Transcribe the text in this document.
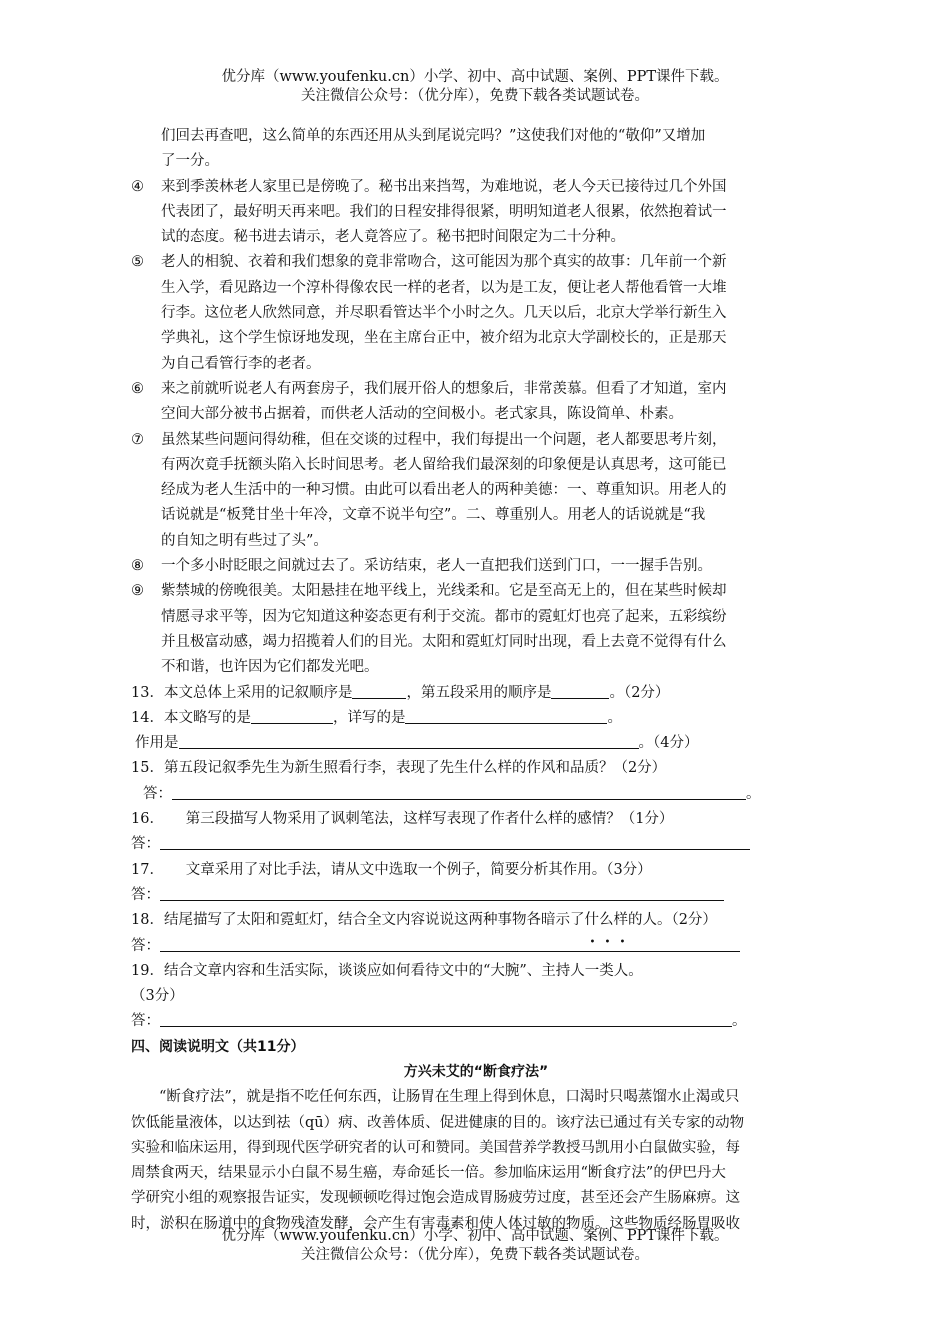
优分库（www.youfenku.cn）小学、初中、高中试题、案例、PPT课件下载。
关注微信公众号：（优分库），免费下载各类试题试卷。
们回去再查吧，这么简单的东西还用从头到尾说完吗？”这使我们对他的“敬仰”又增加
了一分。
④ 来到季羡林老人家里已是傍晚了。秘书出来挡驾，为难地说，老人今天已接待过几个外国
代表团了，最好明天再来吧。我们的日程安排得很紧，明明知道老人很累，依然抱着试一
试的态度。秘书进去请示，老人竟答应了。秘书把时间限定为二十分种。
⑤ 老人的相貌、衣着和我们想象的竟非常吻合，这可能因为那个真实的故事：几年前一个新
生入学，看见路边一个淳朴得像农民一样的老者，以为是工友，便让老人帮他看管一大堆
行李。这位老人欣然同意，并尽职看管达半个小时之久。几天以后，北京大学举行新生入
学典礼，这个学生惊讶地发现，坐在主席台正中，被介绍为北京大学副校长的，正是那天
为自己看管行李的老者。
⑥ 来之前就听说老人有两套房子，我们展开俗人的想象后，非常羡慕。但看了才知道，室内
空间大部分被书占据着，而供老人活动的空间极小。老式家具，陈设简单、朴素。
⑦ 虽然某些问题问得幼稚，但在交谈的过程中，我们每提出一个问题，老人都要思考片刻，
有两次竟手抚额头陷入长时间思考。老人留给我们最深刻的印象便是认真思考，这可能已
经成为老人生活中的一种习惯。由此可以看出老人的两种美德：一、尊重知识。用老人的
话说就是“板凳甘坐十年冷，文章不说半句空”。二、尊重别人。用老人的话说就是“我
的自知之明有些过了头”。
⑧ 一个多小时眨眼之间就过去了。采访结束，老人一直把我们送到门口，一一握手告别。
⑨ 紫禁城的傍晚很美。太阳悬挂在地平线上，光线柔和。它是至高无上的，但在某些时候却
情愿寻求平等，因为它知道这种姿态更有利于交流。都市的霓虹灯也亮了起来，五彩缤纷
并且极富动感，竭力招揽着人们的目光。太阳和霓虹灯同时出现，看上去竟不觉得有什么
不和谐，也许因为它们都发光吧。
13．本文总体上采用的记叙顺序是	，第五段采用的顺序是	。（2分）
14．本文略写的是	，详写的是	。
作用是	。（4分）
15．第五段记叙季先生为新生照看行李，表现了先生什么样的作风和品质？（2分）
答：	。
16．　　第三段描写人物采用了讽刺笔法，这样写表现了作者什么样的感情？（1分）
答：
17．　　文章采用了对比手法，请从文中选取一个例子，简要分析其作用。（3分）
答：
18．结尾描写了太阳和霓虹灯，结合全文内容说说这两种事物各暗示了什么样
• • •
的人。（2分）
答：
19．结合文章内容和生活实际，谈谈应如何看待文中的“大腕”、主持人一类人。
（3分）
答：	。
四、阅读说明文（共11分）
方兴未艾的“断食疗法”
“断食疗法”，就是指不吃任何东西，让肠胃在生理上得到休息，口渴时只喝蒸馏水止渴或只
饮低能量液体，以达到祛（qū）病、改善体质、促进健康的目的。该疗法已通过有关专家的动物
实验和临床运用，得到现代医学研究者的认可和赞同。美国营养学教授马凯用小白鼠做实验，每
周禁食两天，结果显示小白鼠不易生癌，寿命延长一倍。参加临床运用“断食疗法”的伊巴丹大
学研究小组的观察报告证实，发现顿顿吃得过饱会造成胃肠疲劳过度，甚至还会产生肠麻痹。这
时，淤积在肠道中的食物残渣发酵，会产生有害毒素和使人体过敏的物质。这些物质经肠胃吸收
优分库（www.youfenku.cn）小学、初中、高中试题、案例、PPT课件下载。
关注微信公众号：（优分库），免费下载各类试题试卷。
